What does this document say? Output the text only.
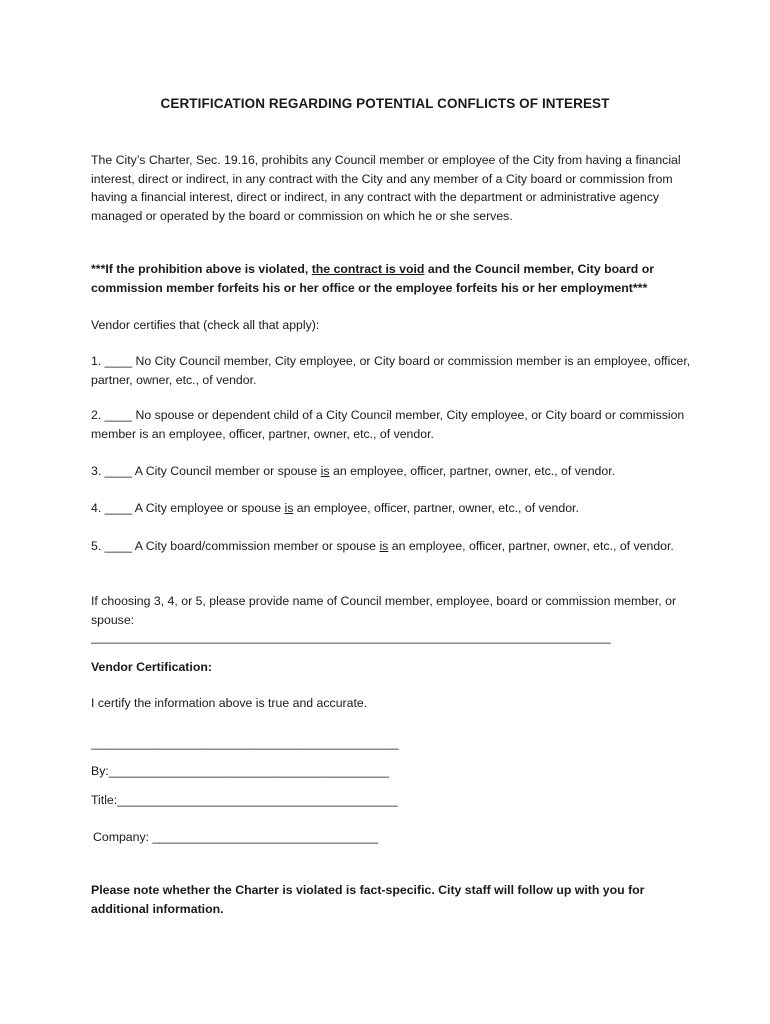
CERTIFICATION REGARDING POTENTIAL CONFLICTS OF INTEREST
The City’s Charter, Sec. 19.16, prohibits any Council member or employee of the City from having a financial interest, direct or indirect, in any contract with the City and any member of a City board or commission from having a financial interest, direct or indirect, in any contract with the department or administrative agency managed or operated by the board or commission on which he or she serves.
***If the prohibition above is violated, the contract is void and the Council member, City board or commission member forfeits his or her office or the employee forfeits his or her employment***
Vendor certifies that (check all that apply):
1. ____ No City Council member, City employee, or City board or commission member is an employee, officer, partner, owner, etc., of vendor.
2. ____ No spouse or dependent child of a City Council member, City employee, or City board or commission member is an employee, officer, partner, owner, etc., of vendor.
3. ____ A City Council member or spouse is an employee, officer, partner, owner, etc., of vendor.
4. ____ A City employee or spouse is an employee, officer, partner, owner, etc., of vendor.
5. ____ A City board/commission member or spouse is an employee, officer, partner, owner, etc., of vendor.
If choosing 3, 4, or 5, please provide name of Council member, employee, board or commission member, or spouse:
____________________________________________________________________________
Vendor Certification:
I certify the information above is true and accurate.
_____________________________________________
By:_________________________________________
Title:_________________________________________
Company: _________________________________
Please note whether the Charter is violated is fact-specific. City staff will follow up with you for additional information.
